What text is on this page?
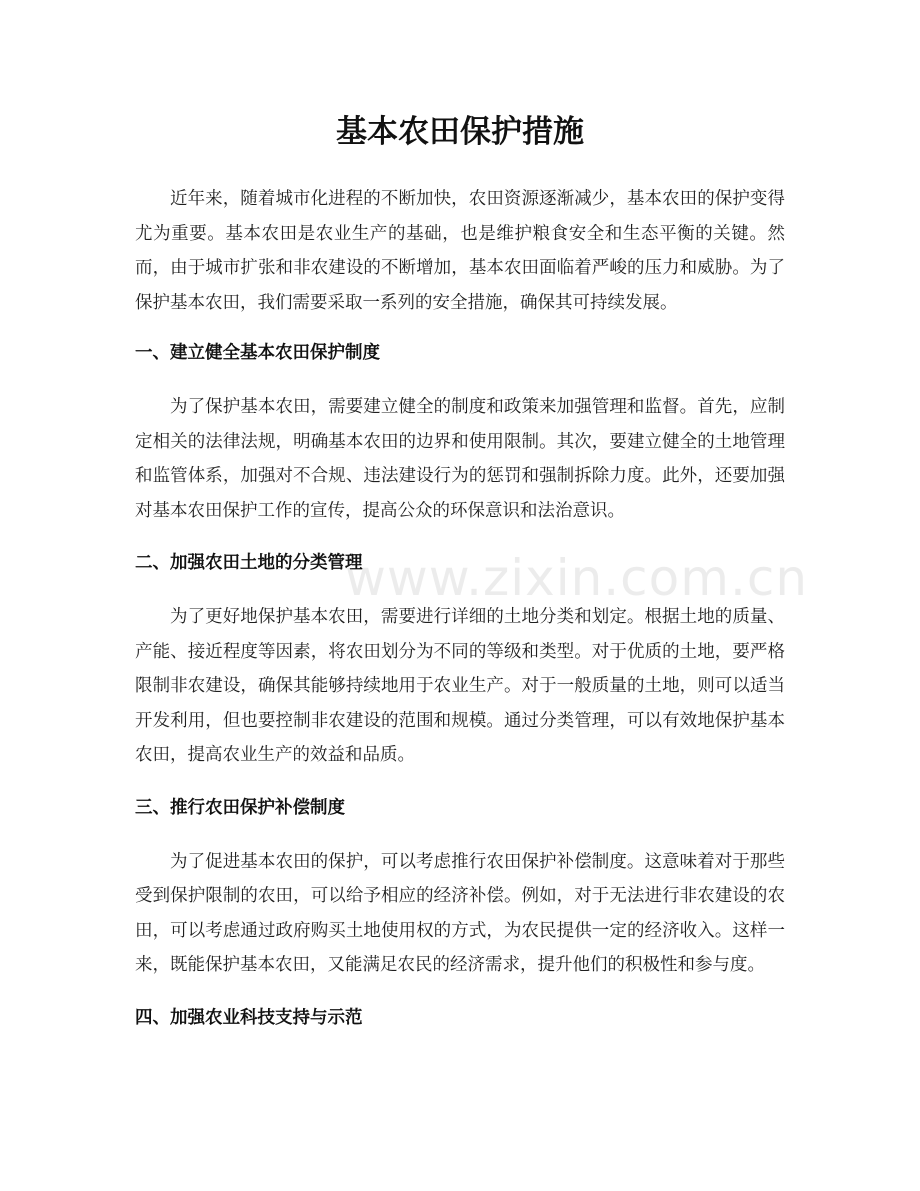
基本农田保护措施

近年来，随着城市化进程的不断加快，农田资源逐渐减少，基本农田的保护变得尤为重要。基本农田是农业生产的基础，也是维护粮食安全和生态平衡的关键。然而，由于城市扩张和非农建设的不断增加，基本农田面临着严峻的压力和威胁。为了保护基本农田，我们需要采取一系列的安全措施，确保其可持续发展。

一、建立健全基本农田保护制度

为了保护基本农田，需要建立健全的制度和政策来加强管理和监督。首先，应制定相关的法律法规，明确基本农田的边界和使用限制。其次，要建立健全的土地管理和监管体系，加强对不合规、违法建设行为的惩罚和强制拆除力度。此外，还要加强对基本农田保护工作的宣传，提高公众的环保意识和法治意识。

二、加强农田土地的分类管理

为了更好地保护基本农田，需要进行详细的土地分类和划定。根据土地的质量、产能、接近程度等因素，将农田划分为不同的等级和类型。对于优质的土地，要严格限制非农建设，确保其能够持续地用于农业生产。对于一般质量的土地，则可以适当开发利用，但也要控制非农建设的范围和规模。通过分类管理，可以有效地保护基本农田，提高农业生产的效益和品质。

三、推行农田保护补偿制度

为了促进基本农田的保护，可以考虑推行农田保护补偿制度。这意味着对于那些受到保护限制的农田，可以给予相应的经济补偿。例如，对于无法进行非农建设的农田，可以考虑通过政府购买土地使用权的方式，为农民提供一定的经济收入。这样一来，既能保护基本农田，又能满足农民的经济需求，提升他们的积极性和参与度。

四、加强农业科技支持与示范
www.zixin.com.cn
